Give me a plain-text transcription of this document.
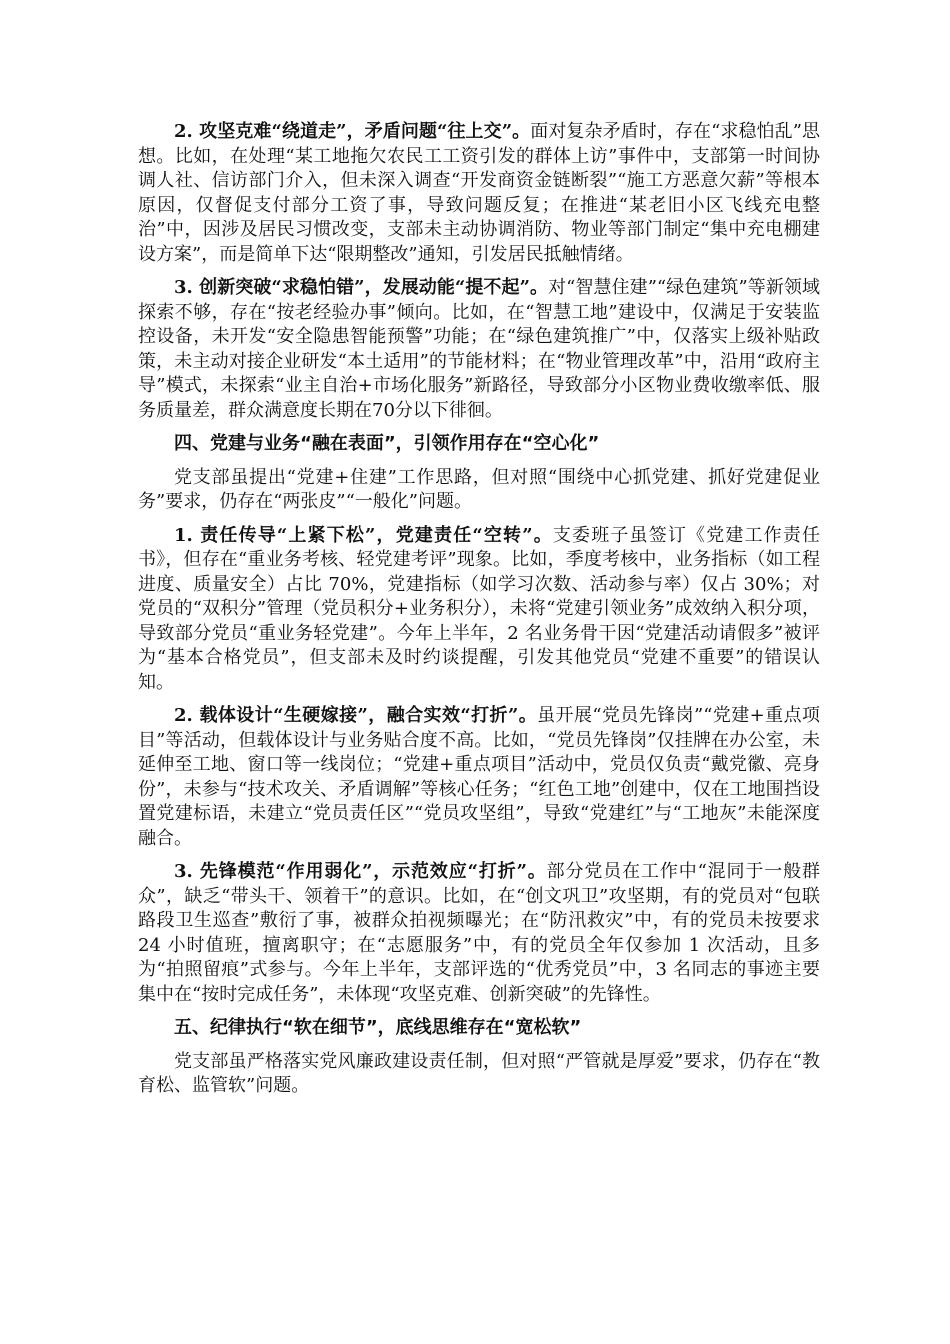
2. 攻坚克难“绕道走”，矛盾问题“往上交”。面对复杂矛盾时，存在“求稳怕乱”思想。比如，在处理“某工地拖欠农民工工资引发的群体上访”事件中，支部第一时间协调人社、信访部门介入，但未深入调查“开发商资金链断裂”“施工方恶意欠薪”等根本原因，仅督促支付部分工资了事，导致问题反复；在推进“某老旧小区飞线充电整治”中，因涉及居民习惯改变，支部未主动协调消防、物业等部门制定“集中充电棚建设方案”，而是简单下达“限期整改”通知，引发居民抵触情绪。

3. 创新突破“求稳怕错”，发展动能“提不起”。对“智慧住建”“绿色建筑”等新领域探索不够，存在“按老经验办事”倾向。比如，在“智慧工地”建设中，仅满足于安装监控设备，未开发“安全隐患智能预警”功能；在“绿色建筑推广”中，仅落实上级补贴政策，未主动对接企业研发“本土适用”的节能材料；在“物业管理改革”中，沿用“政府主导”模式，未探索“业主自治+市场化服务”新路径，导致部分小区物业费收缴率低、服务质量差，群众满意度长期在70分以下徘徊。

四、党建与业务“融在表面”，引领作用存在“空心化”

党支部虽提出“党建+住建”工作思路，但对照“围绕中心抓党建、抓好党建促业务”要求，仍存在“两张皮”“一般化”问题。

1. 责任传导“上紧下松”，党建责任“空转”。支委班子虽签订《党建工作责任书》，但存在“重业务考核、轻党建考评”现象。比如，季度考核中，业务指标（如工程进度、质量安全）占比 70%，党建指标（如学习次数、活动参与率）仅占 30%；对党员的“双积分”管理（党员积分+业务积分），未将“党建引领业务”成效纳入积分项，导致部分党员“重业务轻党建”。今年上半年，2 名业务骨干因“党建活动请假多”被评为“基本合格党员”，但支部未及时约谈提醒，引发其他党员“党建不重要”的错误认知。

2. 载体设计“生硬嫁接”，融合实效“打折”。虽开展“党员先锋岗”“党建+重点项目”等活动，但载体设计与业务贴合度不高。比如，“党员先锋岗”仅挂牌在办公室，未延伸至工地、窗口等一线岗位；“党建+重点项目”活动中，党员仅负责“戴党徽、亮身份”，未参与“技术攻关、矛盾调解”等核心任务；“红色工地”创建中，仅在工地围挡设置党建标语，未建立“党员责任区”“党员攻坚组”，导致“党建红”与“工地灰”未能深度融合。

3. 先锋模范“作用弱化”，示范效应“打折”。部分党员在工作中“混同于一般群众”，缺乏“带头干、领着干”的意识。比如，在“创文巩卫”攻坚期，有的党员对“包联路段卫生巡查”敷衍了事，被群众拍视频曝光；在“防汛救灾”中，有的党员未按要求 24 小时值班，擅离职守；在“志愿服务”中，有的党员全年仅参加 1 次活动，且多为“拍照留痕”式参与。今年上半年，支部评选的“优秀党员”中，3 名同志的事迹主要集中在“按时完成任务”，未体现“攻坚克难、创新突破”的先锋性。

五、纪律执行“软在细节”，底线思维存在“宽松软”

党支部虽严格落实党风廉政建设责任制，但对照“严管就是厚爱”要求，仍存在“教育松、监管软”问题。
